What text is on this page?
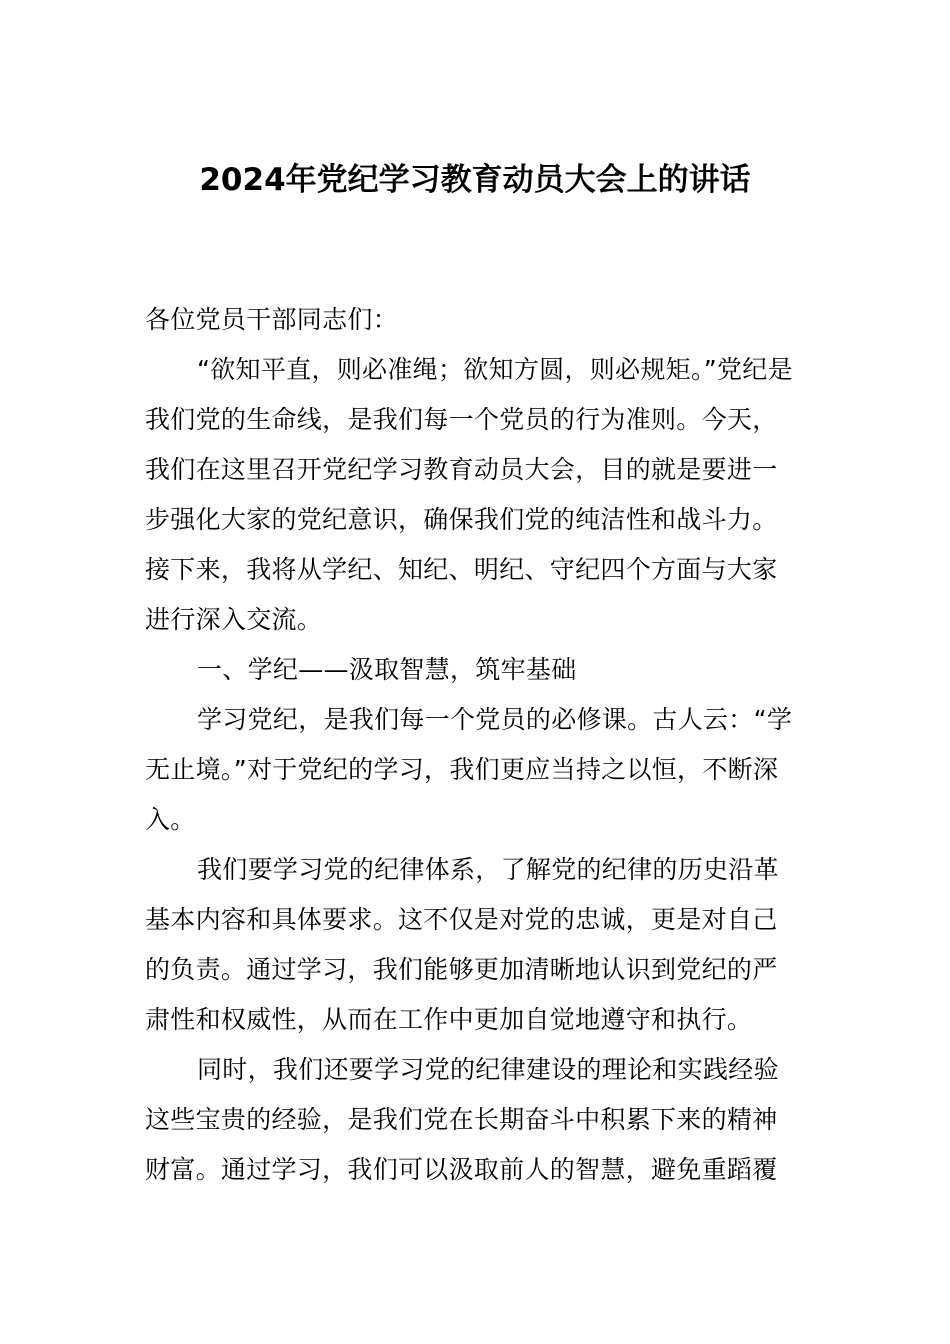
2024年党纪学习教育动员大会上的讲话
各位党员干部同志们：
“欲知平直，则必准绳；欲知方圆，则必规矩。”党纪是
我们党的生命线，是我们每一个党员的行为准则。今天，
我们在这里召开党纪学习教育动员大会，目的就是要进一
步强化大家的党纪意识，确保我们党的纯洁性和战斗力。
接下来，我将从学纪、知纪、明纪、守纪四个方面与大家
进行深入交流。
一、学纪——汲取智慧，筑牢基础
学习党纪，是我们每一个党员的必修课。古人云：“学
无止境。”对于党纪的学习，我们更应当持之以恒，不断深
入。
我们要学习党的纪律体系，了解党的纪律的历史沿革
基本内容和具体要求。这不仅是对党的忠诚，更是对自己
的负责。通过学习，我们能够更加清晰地认识到党纪的严
肃性和权威性，从而在工作中更加自觉地遵守和执行。
同时，我们还要学习党的纪律建设的理论和实践经验
这些宝贵的经验，是我们党在长期奋斗中积累下来的精神
财富。通过学习，我们可以汲取前人的智慧，避免重蹈覆
